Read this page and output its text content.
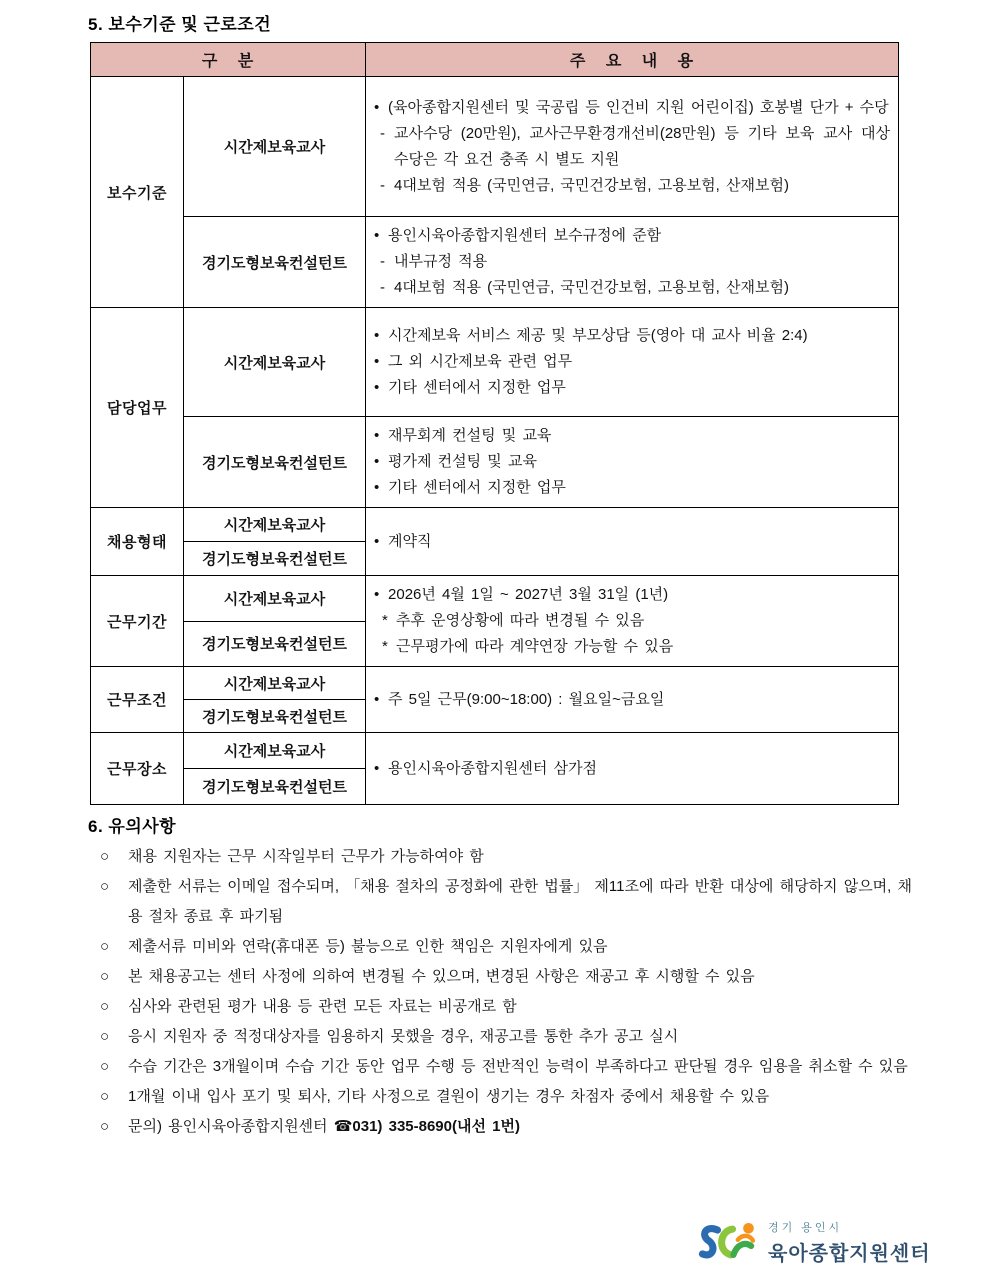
5. 보수기준 및 근로조건
구 분		주 요 내 용
보수기준	시간제보육교사	
• (육아종합지원센터 및 국공립 등 인건비 지원 어린이집) 호봉별 단가 + 수당
- 교사수당 (20만원), 교사근무환경개선비(28만원) 등 기타 보육 교사 대상 수당은 각 요건 충족 시 별도 지원
- 4대보험 적용 (국민연금, 국민건강보험, 고용보험, 산재보험)

경기도형보육컨설턴트	
• 용인시육아종합지원센터 보수규정에 준함
- 내부규정 적용
- 4대보험 적용 (국민연금, 국민건강보험, 고용보험, 산재보험)

담당업무	시간제보육교사	
• 시간제보육 서비스 제공 및 부모상담 등(영아 대 교사 비율 2:4)
• 그 외 시간제보육 관련 업무
• 기타 센터에서 지정한 업무

경기도형보육컨설턴트	
• 재무회계 컨설팅 및 교육
• 평가제 컨설팅 및 교육
• 기타 센터에서 지정한 업무

채용형태	시간제보육교사	• 계약직

	경기도형보육컨설턴트	
근무기간	시간제보육교사	• 2026년 4월 1일 ~ 2027년 3월 31일 (1년)
* 추후 운영상황에 따라 변경될 수 있음
* 근무평가에 따라 계약연장 가능할 수 있음

	경기도형보육컨설턴트	
근무조건	시간제보육교사	• 주 5일 근무(9:00~18:00) : 월요일~금요일

	경기도형보육컨설턴트	
근무장소	시간제보육교사	• 용인시육아종합지원센터 삼가점

	경기도형보육컨설턴트	
6. 유의사항
○	채용 지원자는 근무 시작일부터 근무가 가능하여야 함
○	제출한 서류는 이메일 접수되며, 「채용 절차의 공정화에 관한 법률」 제11조에 따라 반환 대상에 해당하지 않으며, 채용 절차 종료 후 파기됨
○	제출서류 미비와 연락(휴대폰 등) 불능으로 인한 책임은 지원자에게 있음
○	본 채용공고는 센터 사정에 의하여 변경될 수 있으며, 변경된 사항은 재공고 후 시행할 수 있음
○	심사와 관련된 평가 내용 등 관련 모든 자료는 비공개로 함
○	응시 지원자 중 적정대상자를 임용하지 못했을 경우, 재공고를 통한 추가 공고 실시
○	수습 기간은 3개월이며 수습 기간 동안 업무 수행 등 전반적인 능력이 부족하다고 판단될 경우 임용을 취소할 수 있음
○	1개월 이내 입사 포기 및 퇴사, 기타 사정으로 결원이 생기는 경우 차점자 중에서 채용할 수 있음
○	문의) 용인시육아종합지원센터 ☎031) 335-8690(내선 1번)
경기 용인시
육아종합지원센터
